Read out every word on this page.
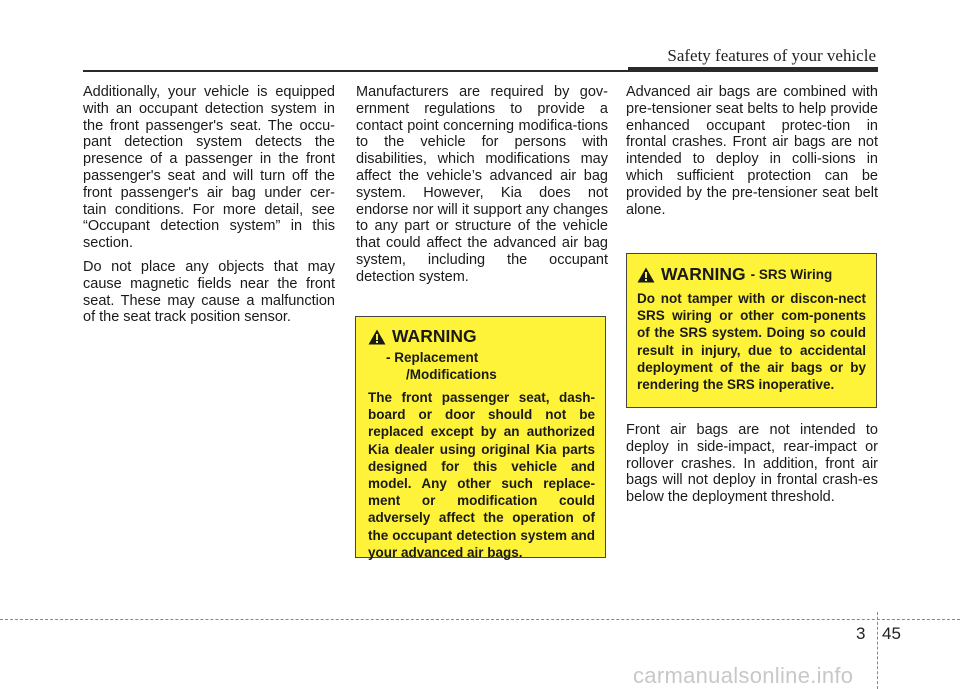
Safety features of your vehicle

Additionally, your vehicle is equipped with an occupant detection system in the front passenger's seat. The occu-pant detection system detects the presence of a passenger in the front passenger's seat and will turn off the front passenger's air bag under cer-tain conditions. For more detail, see “Occupant detection system” in this section.

Do not place any objects that may cause magnetic fields near the front seat. These may cause a malfunction of the seat track position sensor.

Manufacturers are required by gov-ernment regulations to provide a contact point concerning modifica-tions to the vehicle for persons with disabilities, which modifications may affect the vehicle’s advanced air bag system. However, Kia does not endorse nor will it support any changes to any part or structure of the vehicle that could affect the advanced air bag system, including the occupant detection system.

Advanced air bags are combined with pre-tensioner seat belts to help provide enhanced occupant protec-tion in frontal crashes. Front air bags are not intended to deploy in colli-sions in which sufficient protection can be provided by the pre-tensioner seat belt alone.

Front air bags are not intended to deploy in side-impact, rear-impact or rollover crashes. In addition, front air bags will not deploy in frontal crash-es below the deployment threshold.

WARNING
- Replacement
/Modifications
The front passenger seat, dash-board or door should not be replaced except by an authorized Kia dealer using original Kia parts designed for this vehicle and model. Any other such replace-ment or modification could adversely affect the operation of the occupant detection system and your advanced air bags.
WARNING - SRS Wiring
Do not tamper with or discon-nect SRS wiring or other com-ponents of the SRS system. Doing so could result in injury, due to accidental deployment of the air bags or by rendering the SRS inoperative.
3 45
carmanualsonline.info
